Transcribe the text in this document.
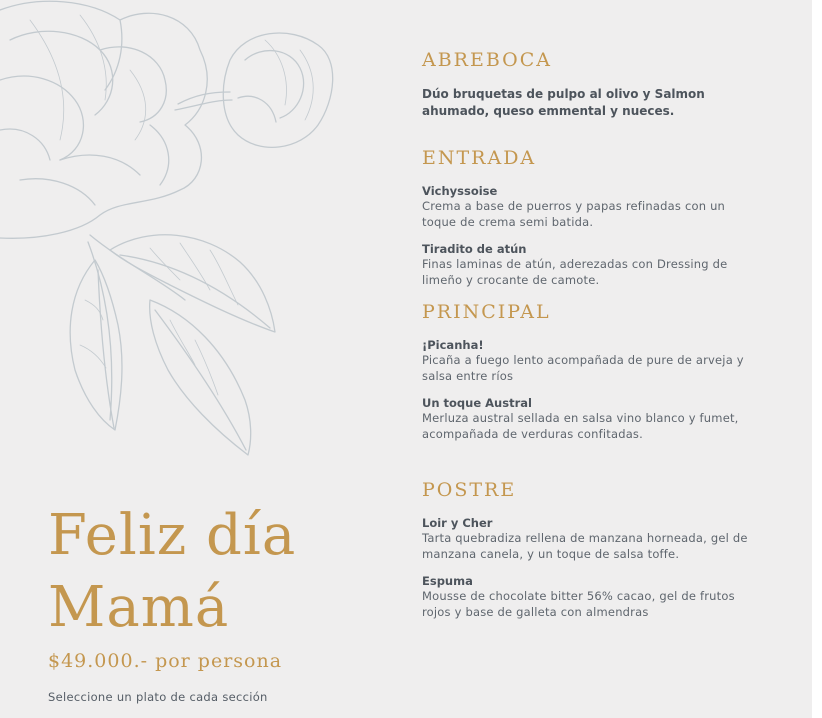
Feliz día
Mamá
$49.000.- por persona
Seleccione un plato de cada sección
ABREBOCA
Dúo bruquetas de pulpo al olivo y Salmon ahumado, queso emmental y nueces.
ENTRADA
Vichyssoise
Crema a base de puerros y papas refinadas con un toque de crema semi batida.
Tiradito de atún
Finas laminas de atún, aderezadas con Dressing de limeño y crocante de camote.
PRINCIPAL
¡Picanha!
Picaña a fuego lento acompañada de pure de arveja y salsa entre ríos
Un toque Austral
Merluza austral sellada en salsa vino blanco y fumet, acompañada de verduras confitadas.
POSTRE
Loir y Cher
Tarta quebradiza rellena de manzana horneada, gel de manzana canela, y un toque de salsa toffe.
Espuma
Mousse de chocolate bitter 56% cacao, gel de frutos rojos y base de galleta con almendras
